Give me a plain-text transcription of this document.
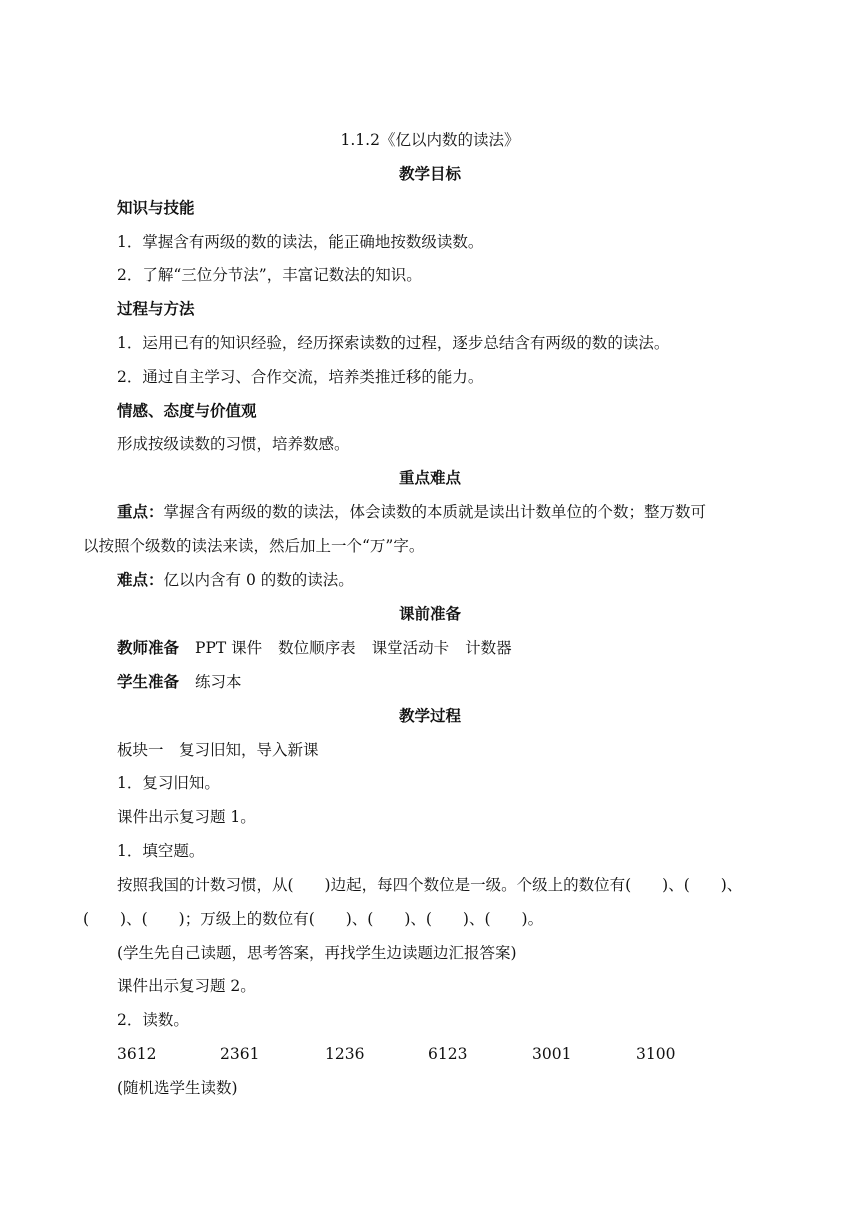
1.1.2《亿以内数的读法》
教学目标
知识与技能
1．掌握含有两级的数的读法，能正确地按数级读数。
2．了解“三位分节法”，丰富记数法的知识。
过程与方法
1．运用已有的知识经验，经历探索读数的过程，逐步总结含有两级的数的读法。
2．通过自主学习、合作交流，培养类推迁移的能力。
情感、态度与价值观
形成按级读数的习惯，培养数感。
重点难点
重点：掌握含有两级的数的读法，体会读数的本质就是读出计数单位的个数；整万数可
以按照个级数的读法来读，然后加上一个“万”字。
难点：亿以内含有 0 的数的读法。
课前准备
教师准备 PPT 课件 数位顺序表 课堂活动卡 计数器
学生准备 练习本
教学过程
板块一　复习旧知，导入新课
1．复习旧知。
课件出示复习题 1。
1．填空题。
按照我国的计数习惯，从(　　)边起，每四个数位是一级。个级上的数位有(　　)、(　　)、
(　　)、(　　)；万级上的数位有(　　)、(　　)、(　　)、(　　)。
(学生先自己读题，思考答案，再找学生边读题边汇报答案)
课件出示复习题 2。
2．读数。
3612	2361	1236	6123	3001	3100
(随机选学生读数)
